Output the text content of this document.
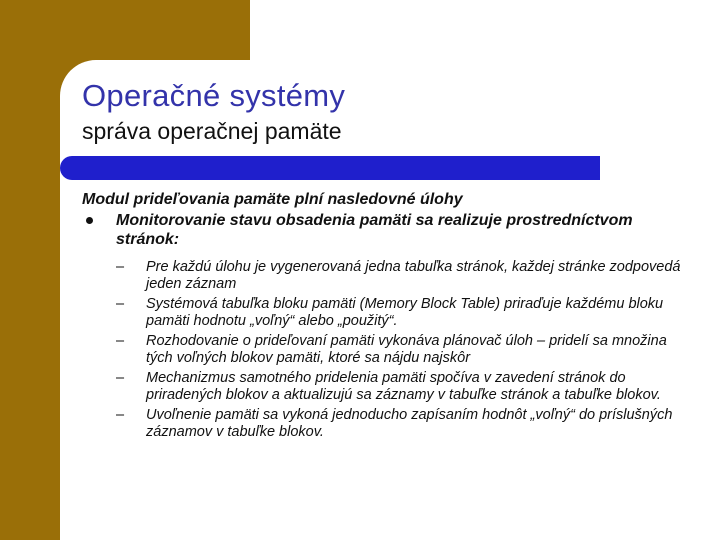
Operačné systémy
správa operačnej pamäte

Modul prideľovania pamäte plní nasledovné úlohy

Monitorovanie stavu obsadenia pamäti sa realizuje prostredníctvom stránok:
– Pre každú úlohu je vygenerovaná jedna tabuľka stránok, každej stránke zodpovedá jeden záznam
– Systémová tabuľka bloku pamäti (Memory Block Table) priraďuje každému bloku pamäti hodnotu „voľný“ alebo „použitý“.
– Rozhodovanie o prideľovaní pamäti vykonáva plánovač úloh – pridelí sa množina tých voľných blokov pamäti, ktoré sa nájdu najskôr
– Mechanizmus samotného pridelenia pamäti spočíva v zavedení stránok do priradených blokov a aktualizujú sa záznamy v tabuľke stránok a tabuľke blokov.
– Uvoľnenie pamäti sa vykoná jednoducho zapísaním hodnôt „voľný“ do príslušných záznamov v tabuľke blokov.
